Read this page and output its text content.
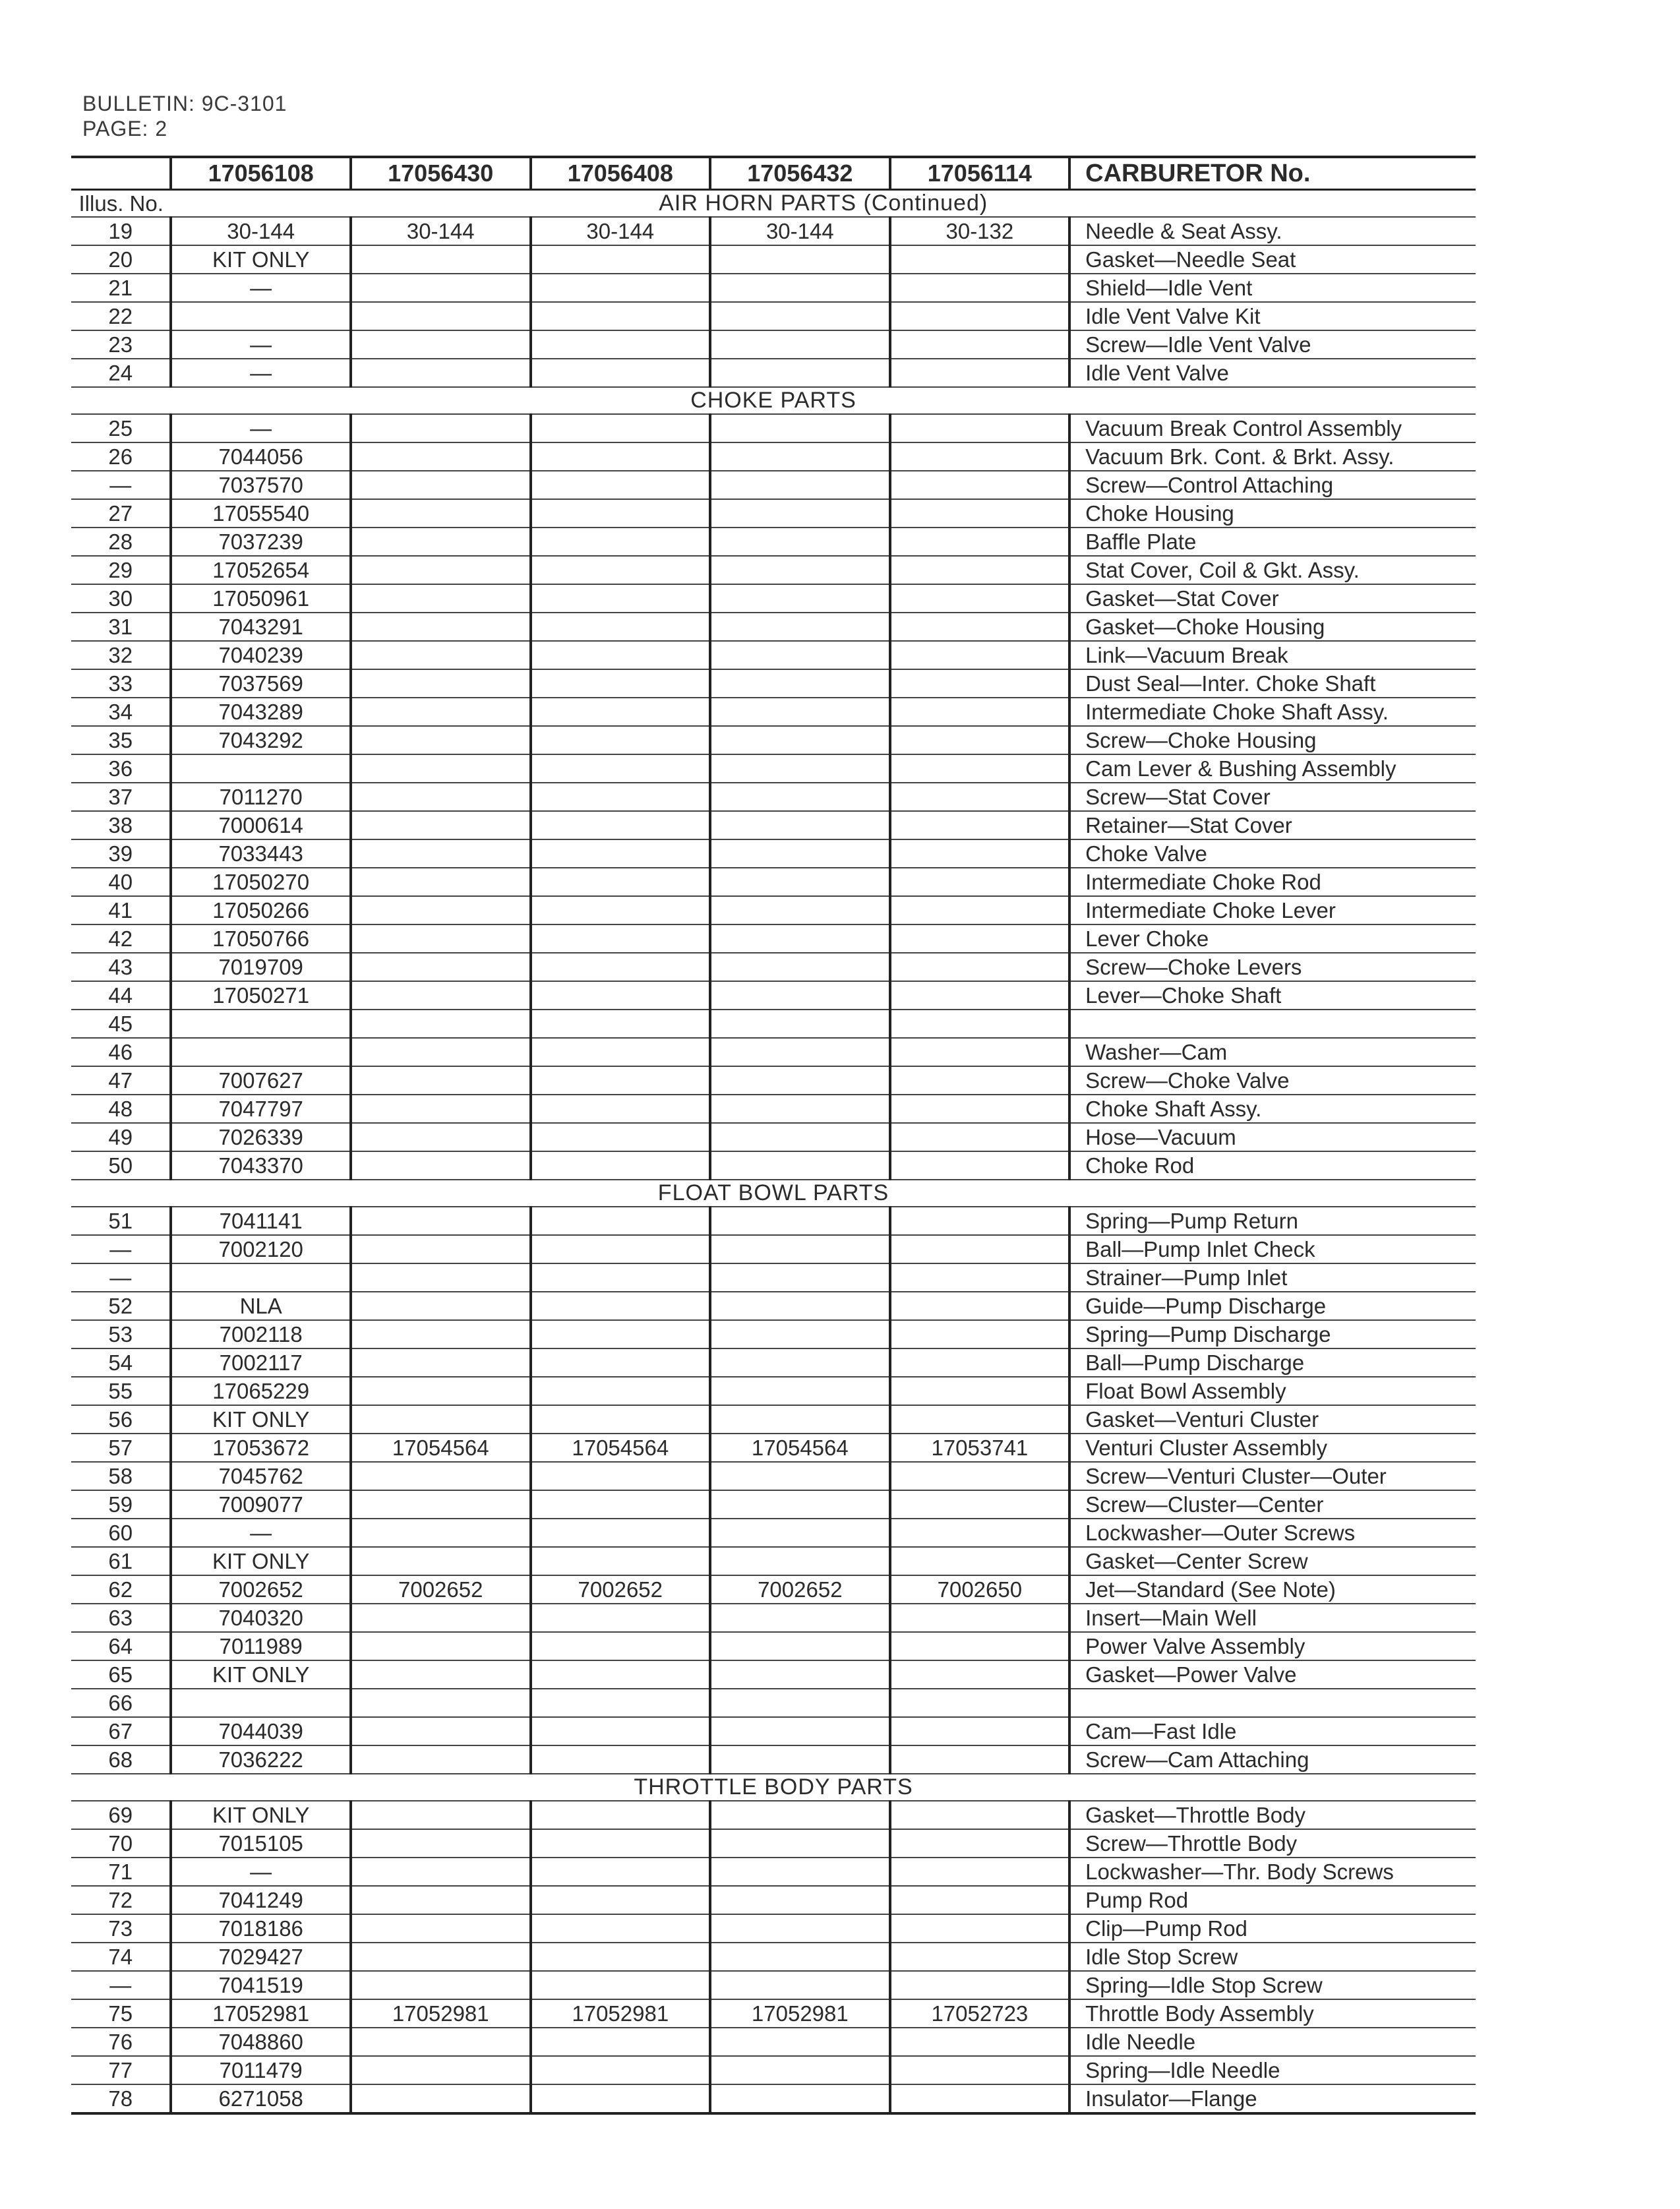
BULLETIN: 9C-3101
PAGE: 2
	17056108	17056430	17056408	17056432	17056114	CARBURETOR No.
Illus. No.	AIR HORN PARTS (Continued)					
19	30-144	30-144	30-144	30-144	30-132	Needle & Seat Assy.
20	KIT ONLY					Gasket—Needle Seat
21	—					Shield—Idle Vent
22						Idle Vent Valve Kit
23	—					Screw—Idle Vent Valve
24	—					Idle Vent Valve
CHOKE PARTS						
25	—					Vacuum Break Control Assembly
26	7044056					Vacuum Brk. Cont. & Brkt. Assy.
—	7037570					Screw—Control Attaching
27	17055540					Choke Housing
28	7037239					Baffle Plate
29	17052654					Stat Cover, Coil & Gkt. Assy.
30	17050961					Gasket—Stat Cover
31	7043291					Gasket—Choke Housing
32	7040239					Link—Vacuum Break
33	7037569					Dust Seal—Inter. Choke Shaft
34	7043289					Intermediate Choke Shaft Assy.
35	7043292					Screw—Choke Housing
36						Cam Lever & Bushing Assembly
37	7011270					Screw—Stat Cover
38	7000614					Retainer—Stat Cover
39	7033443					Choke Valve
40	17050270					Intermediate Choke Rod
41	17050266					Intermediate Choke Lever
42	17050766					Lever Choke
43	7019709					Screw—Choke Levers
44	17050271					Lever—Choke Shaft
45						
46						Washer—Cam
47	7007627					Screw—Choke Valve
48	7047797					Choke Shaft Assy.
49	7026339					Hose—Vacuum
50	7043370					Choke Rod
FLOAT BOWL PARTS						
51	7041141					Spring—Pump Return
—	7002120					Ball—Pump Inlet Check
—						Strainer—Pump Inlet
52	NLA					Guide—Pump Discharge
53	7002118					Spring—Pump Discharge
54	7002117					Ball—Pump Discharge
55	17065229					Float Bowl Assembly
56	KIT ONLY					Gasket—Venturi Cluster
57	17053672	17054564	17054564	17054564	17053741	Venturi Cluster Assembly
58	7045762					Screw—Venturi Cluster—Outer
59	7009077					Screw—Cluster—Center
60	—					Lockwasher—Outer Screws
61	KIT ONLY					Gasket—Center Screw
62	7002652	7002652	7002652	7002652	7002650	Jet—Standard (See Note)
63	7040320					Insert—Main Well
64	7011989					Power Valve Assembly
65	KIT ONLY					Gasket—Power Valve
66						
67	7044039					Cam—Fast Idle
68	7036222					Screw—Cam Attaching
THROTTLE BODY PARTS						
69	KIT ONLY					Gasket—Throttle Body
70	7015105					Screw—Throttle Body
71	—					Lockwasher—Thr. Body Screws
72	7041249					Pump Rod
73	7018186					Clip—Pump Rod
74	7029427					Idle Stop Screw
—	7041519					Spring—Idle Stop Screw
75	17052981	17052981	17052981	17052981	17052723	Throttle Body Assembly
76	7048860					Idle Needle
77	7011479					Spring—Idle Needle
78	6271058					Insulator—Flange
